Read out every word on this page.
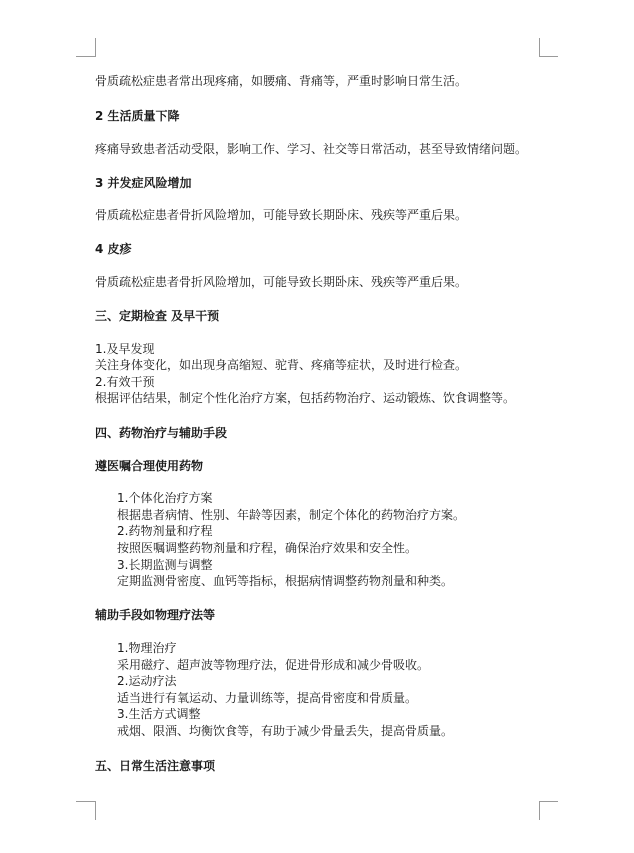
骨质疏松症患者常出现疼痛，如腰痛、背痛等，严重时影响日常生活。
2 生活质量下降
疼痛导致患者活动受限，影响工作、学习、社交等日常活动，甚至导致情绪问题。
3 并发症风险增加
骨质疏松症患者骨折风险增加，可能导致长期卧床、残疾等严重后果。
4 皮疹
骨质疏松症患者骨折风险增加，可能导致长期卧床、残疾等严重后果。
三、定期检查 及早干预
1.及早发现
关注身体变化，如出现身高缩短、驼背、疼痛等症状，及时进行检查。
2.有效干预
根据评估结果，制定个性化治疗方案，包括药物治疗、运动锻炼、饮食调整等。
四、药物治疗与辅助手段
遵医嘱合理使用药物
1.个体化治疗方案
根据患者病情、性别、年龄等因素，制定个体化的药物治疗方案。
2.药物剂量和疗程
按照医嘱调整药物剂量和疗程，确保治疗效果和安全性。
3.长期监测与调整
定期监测骨密度、血钙等指标，根据病情调整药物剂量和种类。
辅助手段如物理疗法等
1.物理治疗
采用磁疗、超声波等物理疗法，促进骨形成和减少骨吸收。
2.运动疗法
适当进行有氧运动、力量训练等，提高骨密度和骨质量。
3.生活方式调整
戒烟、限酒、均衡饮食等，有助于减少骨量丢失，提高骨质量。
五、日常生活注意事项
